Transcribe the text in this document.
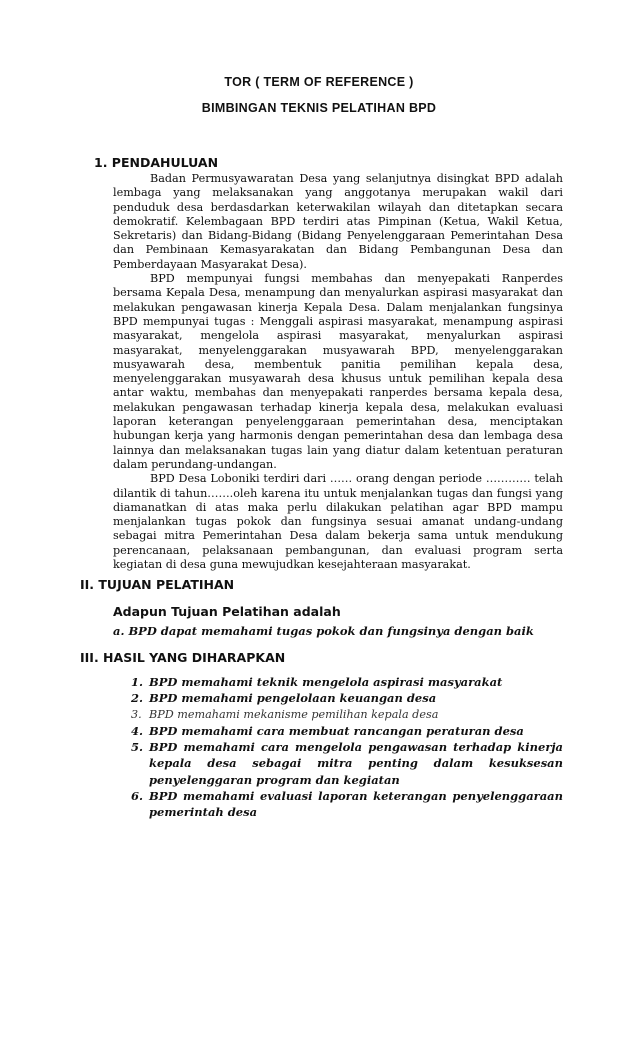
TOR ( TERM OF REFERENCE )
BIMBINGAN TEKNIS PELATIHAN BPD
1. PENDAHULUAN

Badan Permusyawaratan Desa yang selanjutnya disingkat BPD adalah lembaga yang melaksanakan yang anggotanya merupakan wakil dari penduduk desa berdasdarkan keterwakilan wilayah dan ditetapkan secara demokratif. Kelembagaan BPD terdiri atas Pimpinan (Ketua, Wakil Ketua, Sekretaris) dan Bidang-Bidang (Bidang Penyelenggaraan Pemerintahan Desa dan Pembinaan Kemasyarakatan dan Bidang Pembangunan Desa dan Pemberdayaan Masyarakat Desa).

BPD mempunyai fungsi membahas dan menyepakati Ranperdes bersama Kepala Desa, menampung dan menyalurkan aspirasi masyarakat dan melakukan pengawasan kinerja Kepala Desa. Dalam menjalankan fungsinya BPD mempunyai tugas : Menggali aspirasi masyarakat, menampung aspirasi masyarakat, mengelola aspirasi masyarakat, menyalurkan aspirasi masyarakat, menyelenggarakan musyawarah BPD, menyelenggarakan musyawarah desa, membentuk panitia pemilihan kepala desa, menyelenggarakan musyawarah desa khusus untuk pemilihan kepala desa antar waktu, membahas dan menyepakati ranperdes bersama kepala desa, melakukan pengawasan terhadap kinerja kepala desa, melakukan evaluasi laporan keterangan penyelenggaraan pemerintahan desa, menciptakan hubungan kerja yang harmonis dengan pemerintahan desa dan lembaga desa lainnya dan melaksanakan tugas lain yang diatur dalam ketentuan peraturan dalam perundang-undangan.

BPD Desa Loboniki terdiri dari …… orang dengan periode ………… telah dilantik di tahun…….oleh karena itu untuk menjalankan tugas dan fungsi yang diamanatkan di atas maka perlu dilakukan pelatihan agar BPD mampu menjalankan tugas pokok dan fungsinya sesuai amanat undang-undang sebagai mitra Pemerintahan Desa dalam bekerja sama untuk mendukung perencanaan, pelaksanaan pembangunan, dan evaluasi program serta kegiatan di desa guna mewujudkan kesejahteraan masyarakat.

II. TUJUAN PELATIHAN
Adapun Tujuan Pelatihan adalah
a. BPD dapat memahami tugas pokok dan fungsinya dengan baik
III. HASIL YANG DIHARAPKAN
1. BPD memahami teknik mengelola aspirasi masyarakat
2. BPD memahami pengelolaan keuangan desa
3. BPD memahami mekanisme pemilihan kepala desa
4. BPD memahami cara membuat rancangan peraturan desa
5. BPD memahami cara mengelola pengawasan terhadap kinerja kepala desa sebagai mitra penting dalam kesuksesan penyelenggaran program dan kegiatan
6. BPD memahami evaluasi laporan keterangan penyelenggaraan pemerintah desa
